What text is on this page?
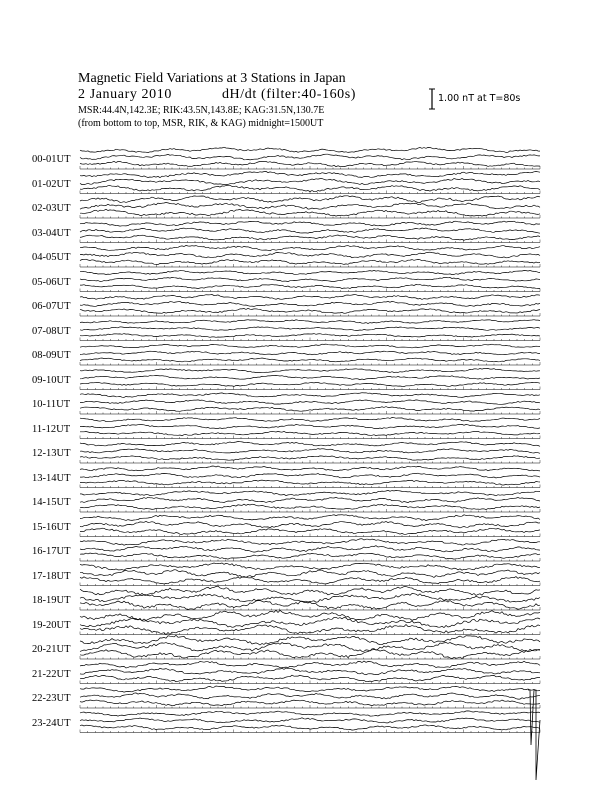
Magnetic Field Variations at 3 Stations in Japan
2 January 2010	dH/dt (filter:40-160s)
MSR:44.4N,142.3E; RIK:43.5N,143.8E; KAG:31.5N,130.7E
(from bottom to top, MSR, RIK, & KAG) midnight=1500UT
1.00 nT at T=80s
00-01UT
01-02UT
02-03UT
03-04UT
04-05UT
05-06UT
06-07UT
07-08UT
08-09UT
09-10UT
10-11UT
11-12UT
12-13UT
13-14UT
14-15UT
15-16UT
16-17UT
17-18UT
18-19UT
19-20UT
20-21UT
21-22UT
22-23UT
23-24UT
